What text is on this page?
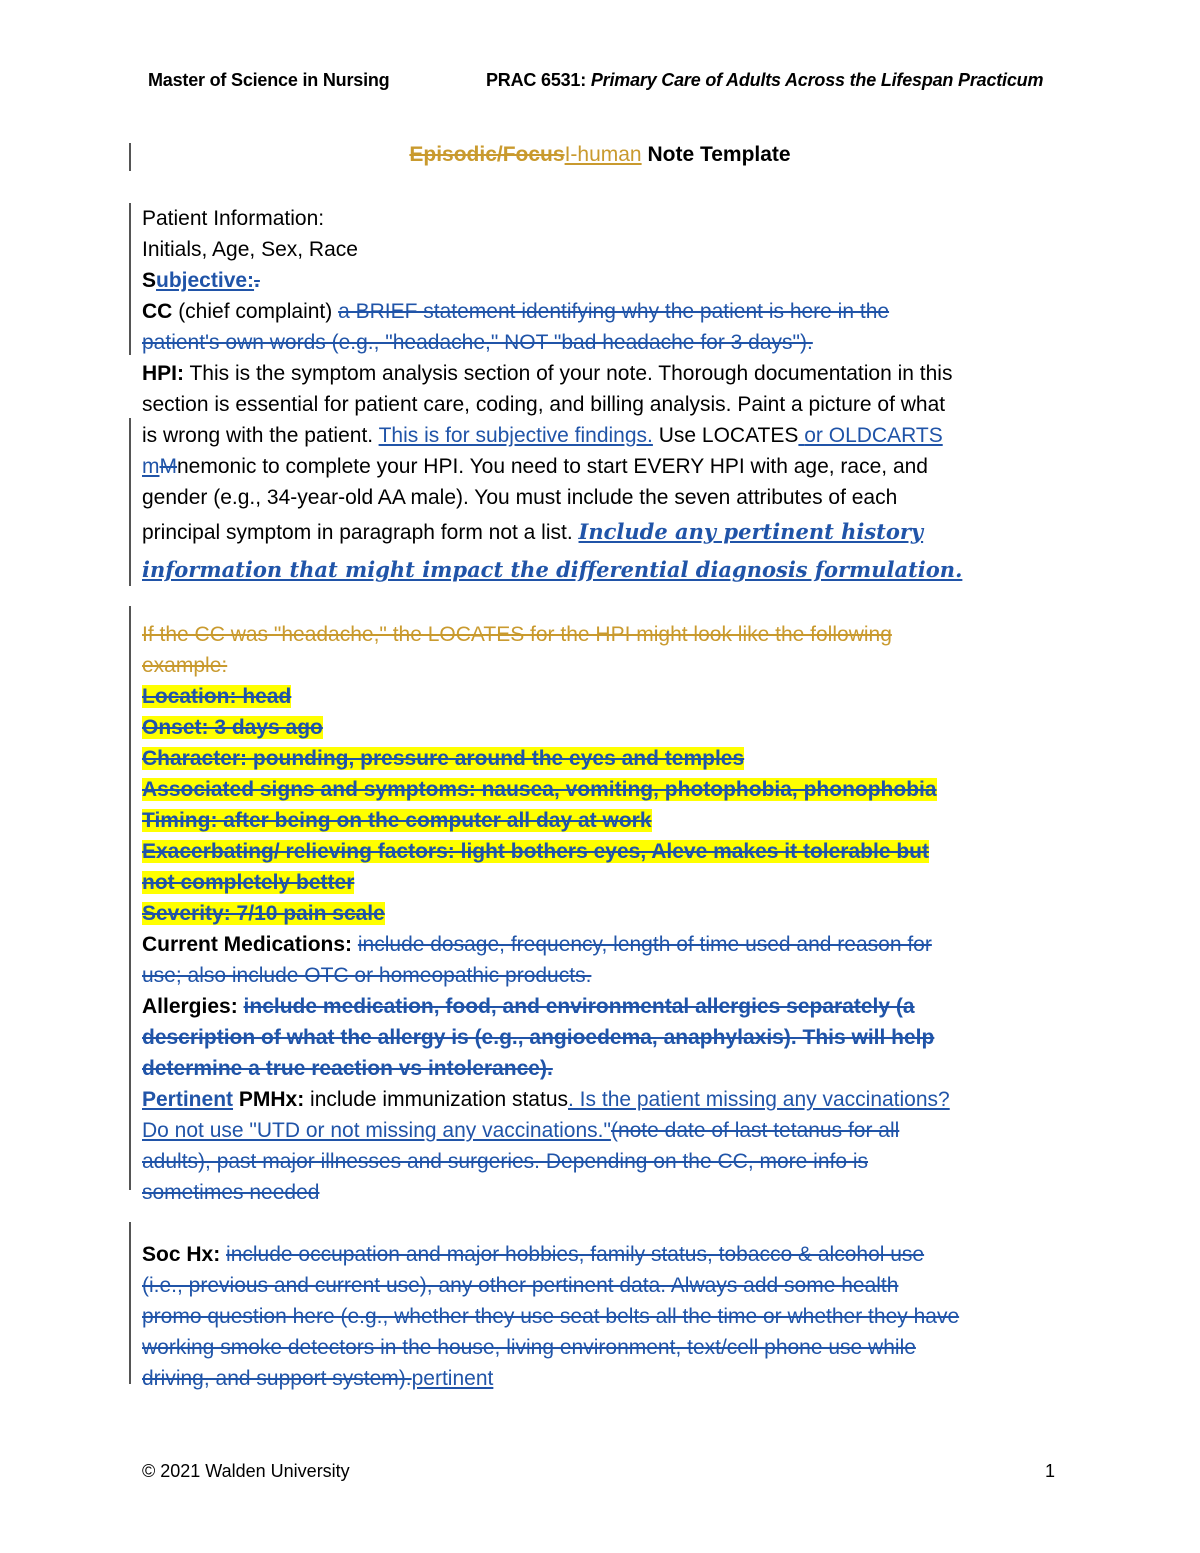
Master of Science in Nursing	PRAC 6531: Primary Care of Adults Across the Lifespan Practicum
Episodic/FocusI-human Note Template

Patient Information:

Initials, Age, Sex, Race

Subjective:.

CC (chief complaint) a BRIEF statement identifying why the patient is here in the

patient's own words (e.g., "headache," NOT "bad headache for 3 days").

HPI: This is the symptom analysis section of your note. Thorough documentation in this

section is essential for patient care, coding, and billing analysis. Paint a picture of what

is wrong with the patient. This is for subjective findings. Use LOCATES or OLDCARTS

mMnemonic to complete your HPI. You need to start EVERY HPI with age, race, and

gender (e.g., 34-year-old AA male). You must include the seven attributes of each

principal symptom in paragraph form not a list. Include any pertinent history

information that might impact the differential diagnosis formulation.

If the CC was "headache," the LOCATES for the HPI might look like the following

example:

Location: head

Onset: 3 days ago

Character: pounding, pressure around the eyes and temples

Associated signs and symptoms: nausea, vomiting, photophobia, phonophobia

Timing: after being on the computer all day at work

Exacerbating/ relieving factors: light bothers eyes, Aleve makes it tolerable but

not completely better

Severity: 7/10 pain scale

Current Medications: include dosage, frequency, length of time used and reason for

use; also include OTC or homeopathic products.

Allergies: include medication, food, and environmental allergies separately (a

description of what the allergy is (e.g., angioedema, anaphylaxis). This will help

determine a true reaction vs intolerance).

Pertinent PMHx: include immunization status. Is the patient missing any vaccinations?

Do not use "UTD or not missing any vaccinations."(note date of last tetanus for all

adults), past major illnesses and surgeries. Depending on the CC, more info is

sometimes needed

Soc Hx: include occupation and major hobbies, family status, tobacco & alcohol use

(i.e., previous and current use), any other pertinent data. Always add some health

promo question here (e.g., whether they use seat belts all the time or whether they have

working smoke detectors in the house, living environment, text/cell phone use while

driving, and support system).pertinent

© 2021 Walden University	1
